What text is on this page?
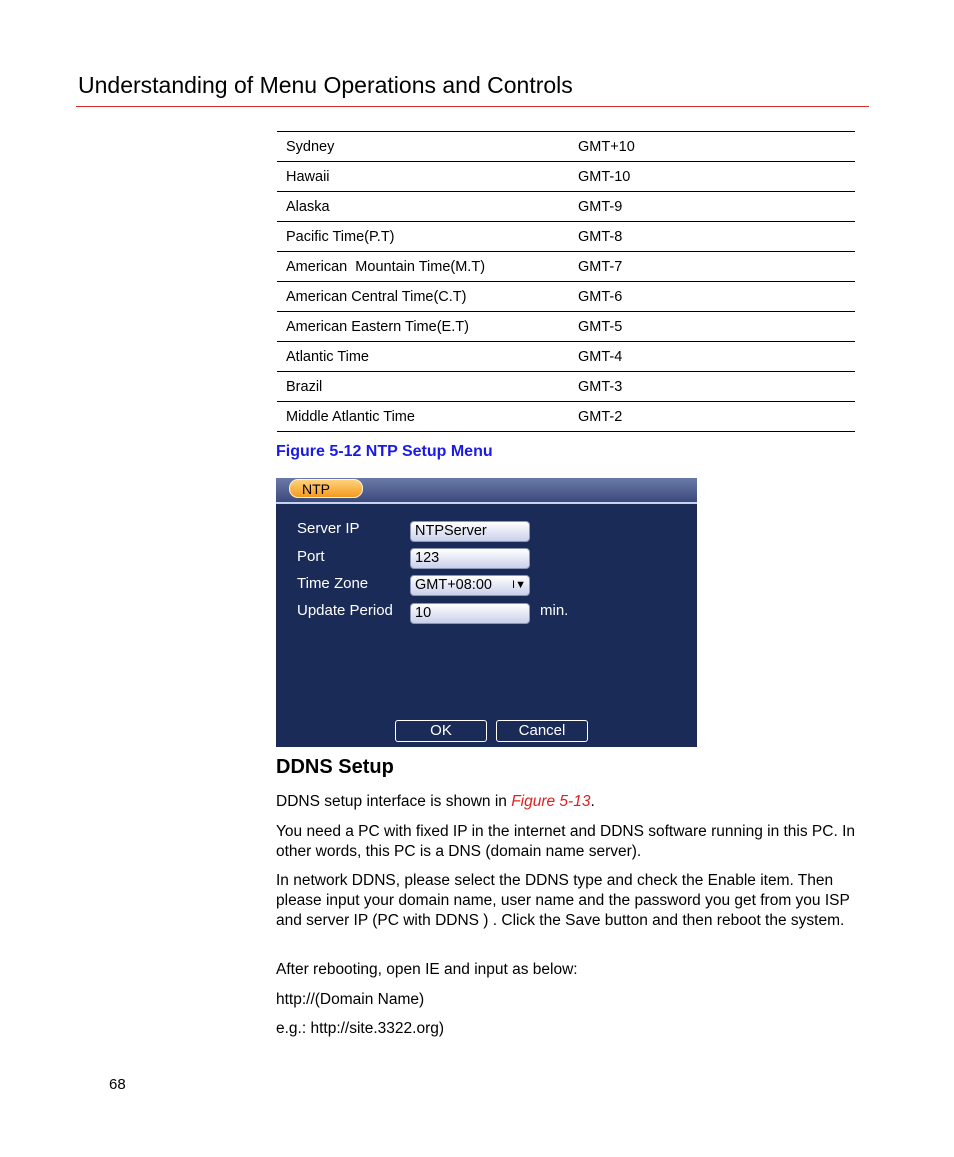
Understanding of Menu Operations and Controls
Sydney	GMT+10
Hawaii	GMT-10
Alaska	GMT-9
Pacific Time(P.T)	GMT-8
American  Mountain Time(M.T)	GMT-7
American Central Time(C.T)	GMT-6
American Eastern Time(E.T)	GMT-5
Atlantic Time	GMT-4
Brazil	GMT-3
Middle Atlantic Time	GMT-2
Figure 5-12 NTP Setup Menu
NTP
Server IP	NTPServer
Port	123
Time Zone	GMT+08:00 I▼
Update Period	10	min.
OK	Cancel
DDNS Setup
DDNS setup interface is shown in Figure 5-13.
You need a PC with fixed IP in the internet and DDNS software running in this PC. In other words, this PC is a DNS (domain name server).
In network DDNS, please select the DDNS type and check the Enable item. Then please input your domain name, user name and the password you get from you ISP and server IP (PC with DDNS ) . Click the Save button and then reboot the system.
After rebooting, open IE and input as below:
http://(Domain Name)
e.g.: http://site.3322.org)
68
